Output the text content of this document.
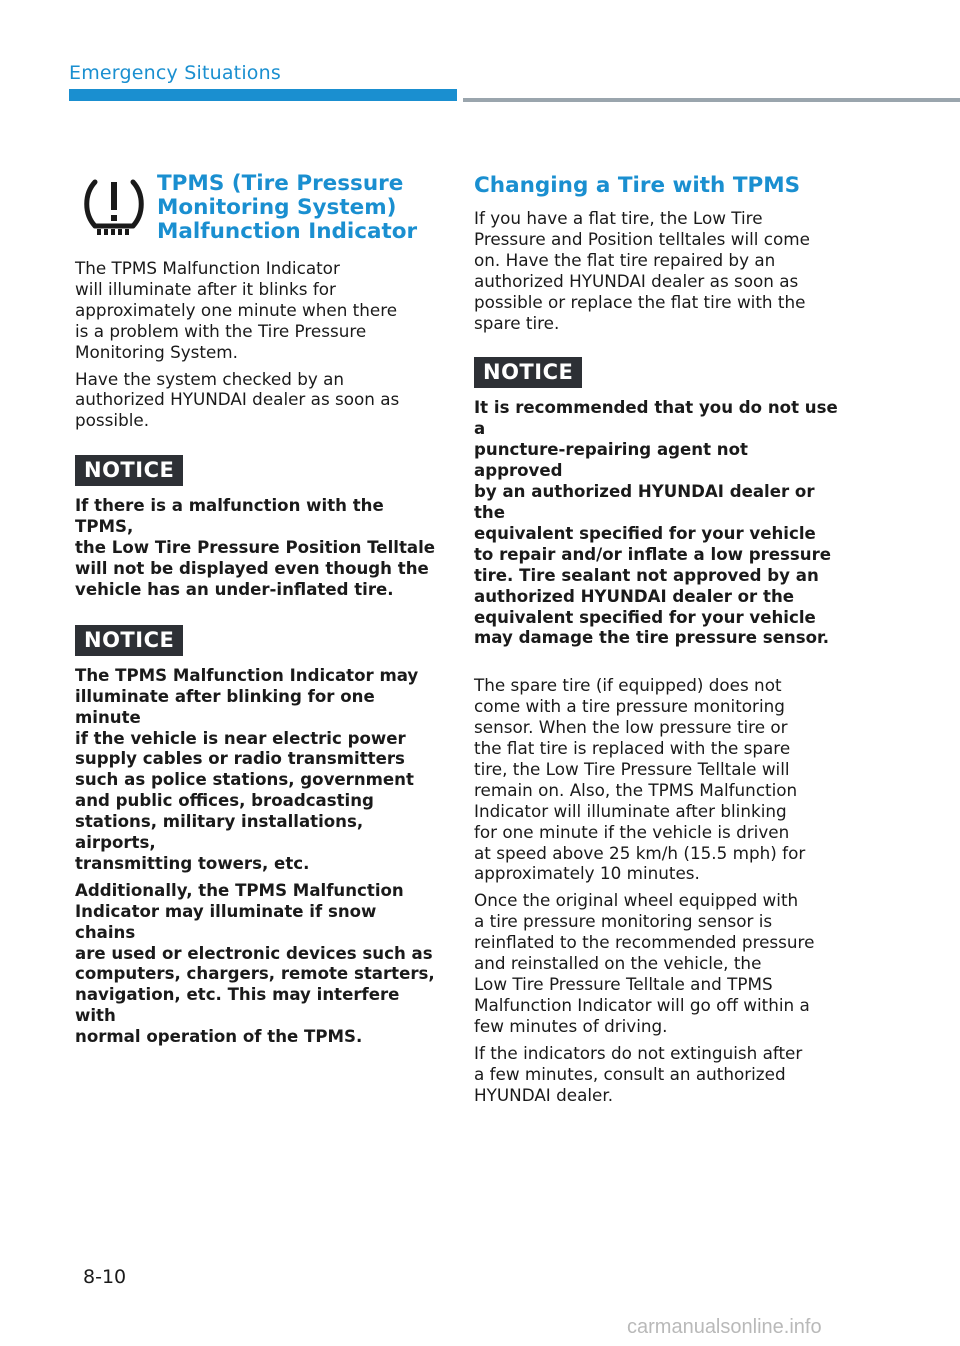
Emergency Situations
TPMS (Tire Pressure
Monitoring System)
Malfunction Indicator

The TPMS Malfunction Indicator
will illuminate after it blinks for
approximately one minute when there
is a problem with the Tire Pressure
Monitoring System.

Have the system checked by an
authorized HYUNDAI dealer as soon as
possible.

NOTICE

If there is a malfunction with the TPMS,
the Low Tire Pressure Position Telltale
will not be displayed even though the
vehicle has an under-inflated tire.

NOTICE

The TPMS Malfunction Indicator may
illuminate after blinking for one minute
if the vehicle is near electric power
supply cables or radio transmitters
such as police stations, government
and public offices, broadcasting
stations, military installations, airports,
transmitting towers, etc.

Additionally, the TPMS Malfunction
Indicator may illuminate if snow chains
are used or electronic devices such as
computers, chargers, remote starters,
navigation, etc. This may interfere with
normal operation of the TPMS.

Changing a Tire with TPMS

If you have a flat tire, the Low Tire
Pressure and Position telltales will come
on. Have the flat tire repaired by an
authorized HYUNDAI dealer as soon as
possible or replace the flat tire with the
spare tire.

NOTICE

It is recommended that you do not use a
puncture-repairing agent not approved
by an authorized HYUNDAI dealer or the
equivalent specified for your vehicle
to repair and/or inflate a low pressure
tire. Tire sealant not approved by an
authorized HYUNDAI dealer or the
equivalent specified for your vehicle
may damage the tire pressure sensor.

The spare tire (if equipped) does not
come with a tire pressure monitoring
sensor. When the low pressure tire or
the flat tire is replaced with the spare
tire, the Low Tire Pressure Telltale will
remain on. Also, the TPMS Malfunction
Indicator will illuminate after blinking
for one minute if the vehicle is driven
at speed above 25 km/h (15.5 mph) for
approximately 10 minutes.

Once the original wheel equipped with
a tire pressure monitoring sensor is
reinflated to the recommended pressure
and reinstalled on the vehicle, the
Low Tire Pressure Telltale and TPMS
Malfunction Indicator will go off within a
few minutes of driving.

If the indicators do not extinguish after
a few minutes, consult an authorized
HYUNDAI dealer.

8-10
carmanualsonline.info
